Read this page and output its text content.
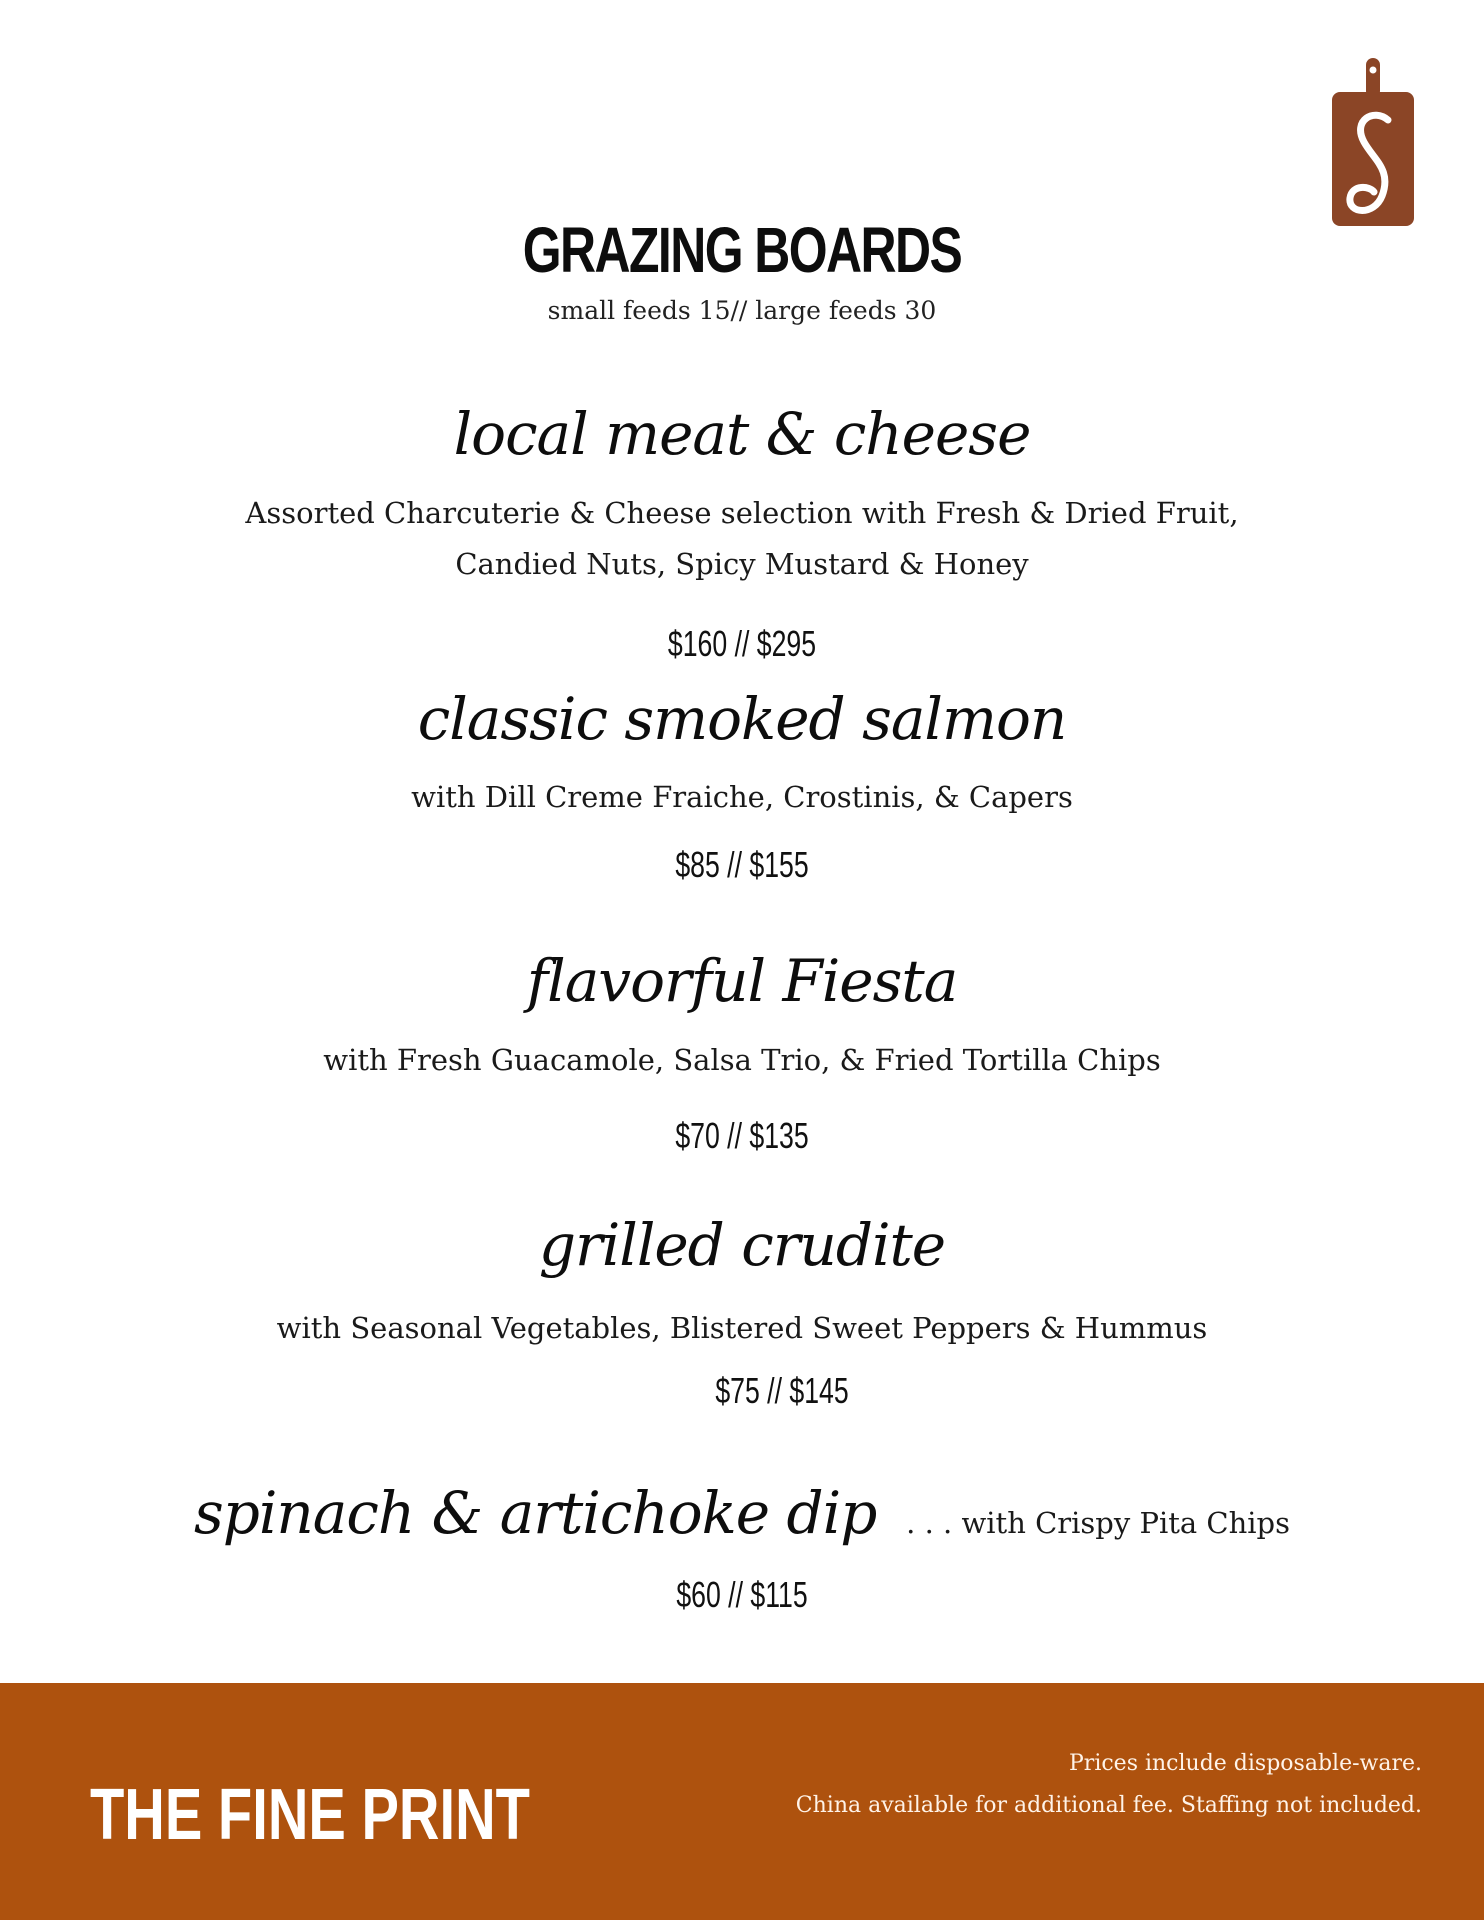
GRAZING BOARDS
small feeds 15// large feeds 30
local meat & cheese
Assorted Charcuterie & Cheese selection with Fresh & Dried Fruit,
Candied Nuts, Spicy Mustard & Honey
$160 // $295
classic smoked salmon
with Dill Creme Fraiche, Crostinis, & Capers
$85 // $155
flavorful Fiesta
with Fresh Guacamole, Salsa Trio, & Fried Tortilla Chips
$70 // $135
grilled crudite
with Seasonal Vegetables, Blistered Sweet Peppers & Hummus
$75 // $145
spinach & artichoke dip  . . . with Crispy Pita Chips
$60 // $115
THE FINE PRINT
Prices include disposable-ware.
China available for additional fee. Staffing not included.
